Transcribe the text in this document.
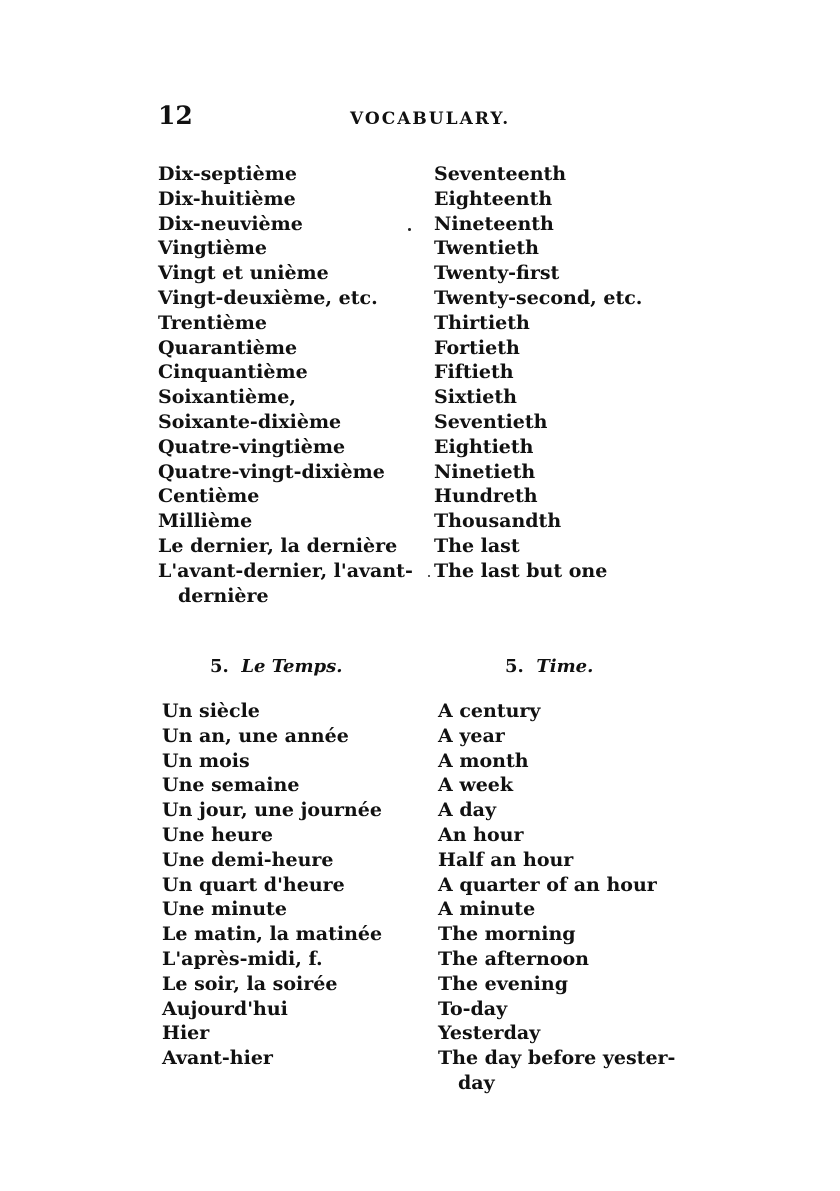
12	VOCABULARY.
Dix-septième
Dix-huitième
Dix-neuvième
Vingtième
Vingt et unième
Vingt-deuxième, etc.
Trentième
Quarantième
Cinquantième
Soixantième,
Soixante-dixième
Quatre-vingtième
Quatre-vingt-dixième
Centième
Millième
Le dernier, la dernière
L'avant-dernier, l'avant-
dernière
Seventeenth
Eighteenth
Nineteenth
Twentieth
Twenty-first
Twenty-second, etc.
Thirtieth
Fortieth
Fiftieth
Sixtieth
Seventieth
Eightieth
Ninetieth
Hundreth
Thousandth
The last
The last but one
5. Le Temps.	5. Time.
Un siècle
Un an, une année
Un mois
Une semaine
Un jour, une journée
Une heure
Une demi-heure
Un quart d'heure
Une minute
Le matin, la matinée
L'après-midi, f.
Le soir, la soirée
Aujourd'hui
Hier
Avant-hier
A century
A year
A month
A week
A day
An hour
Half an hour
A quarter of an hour
A minute
The morning
The afternoon
The evening
To-day
Yesterday
The day before yester-
day
